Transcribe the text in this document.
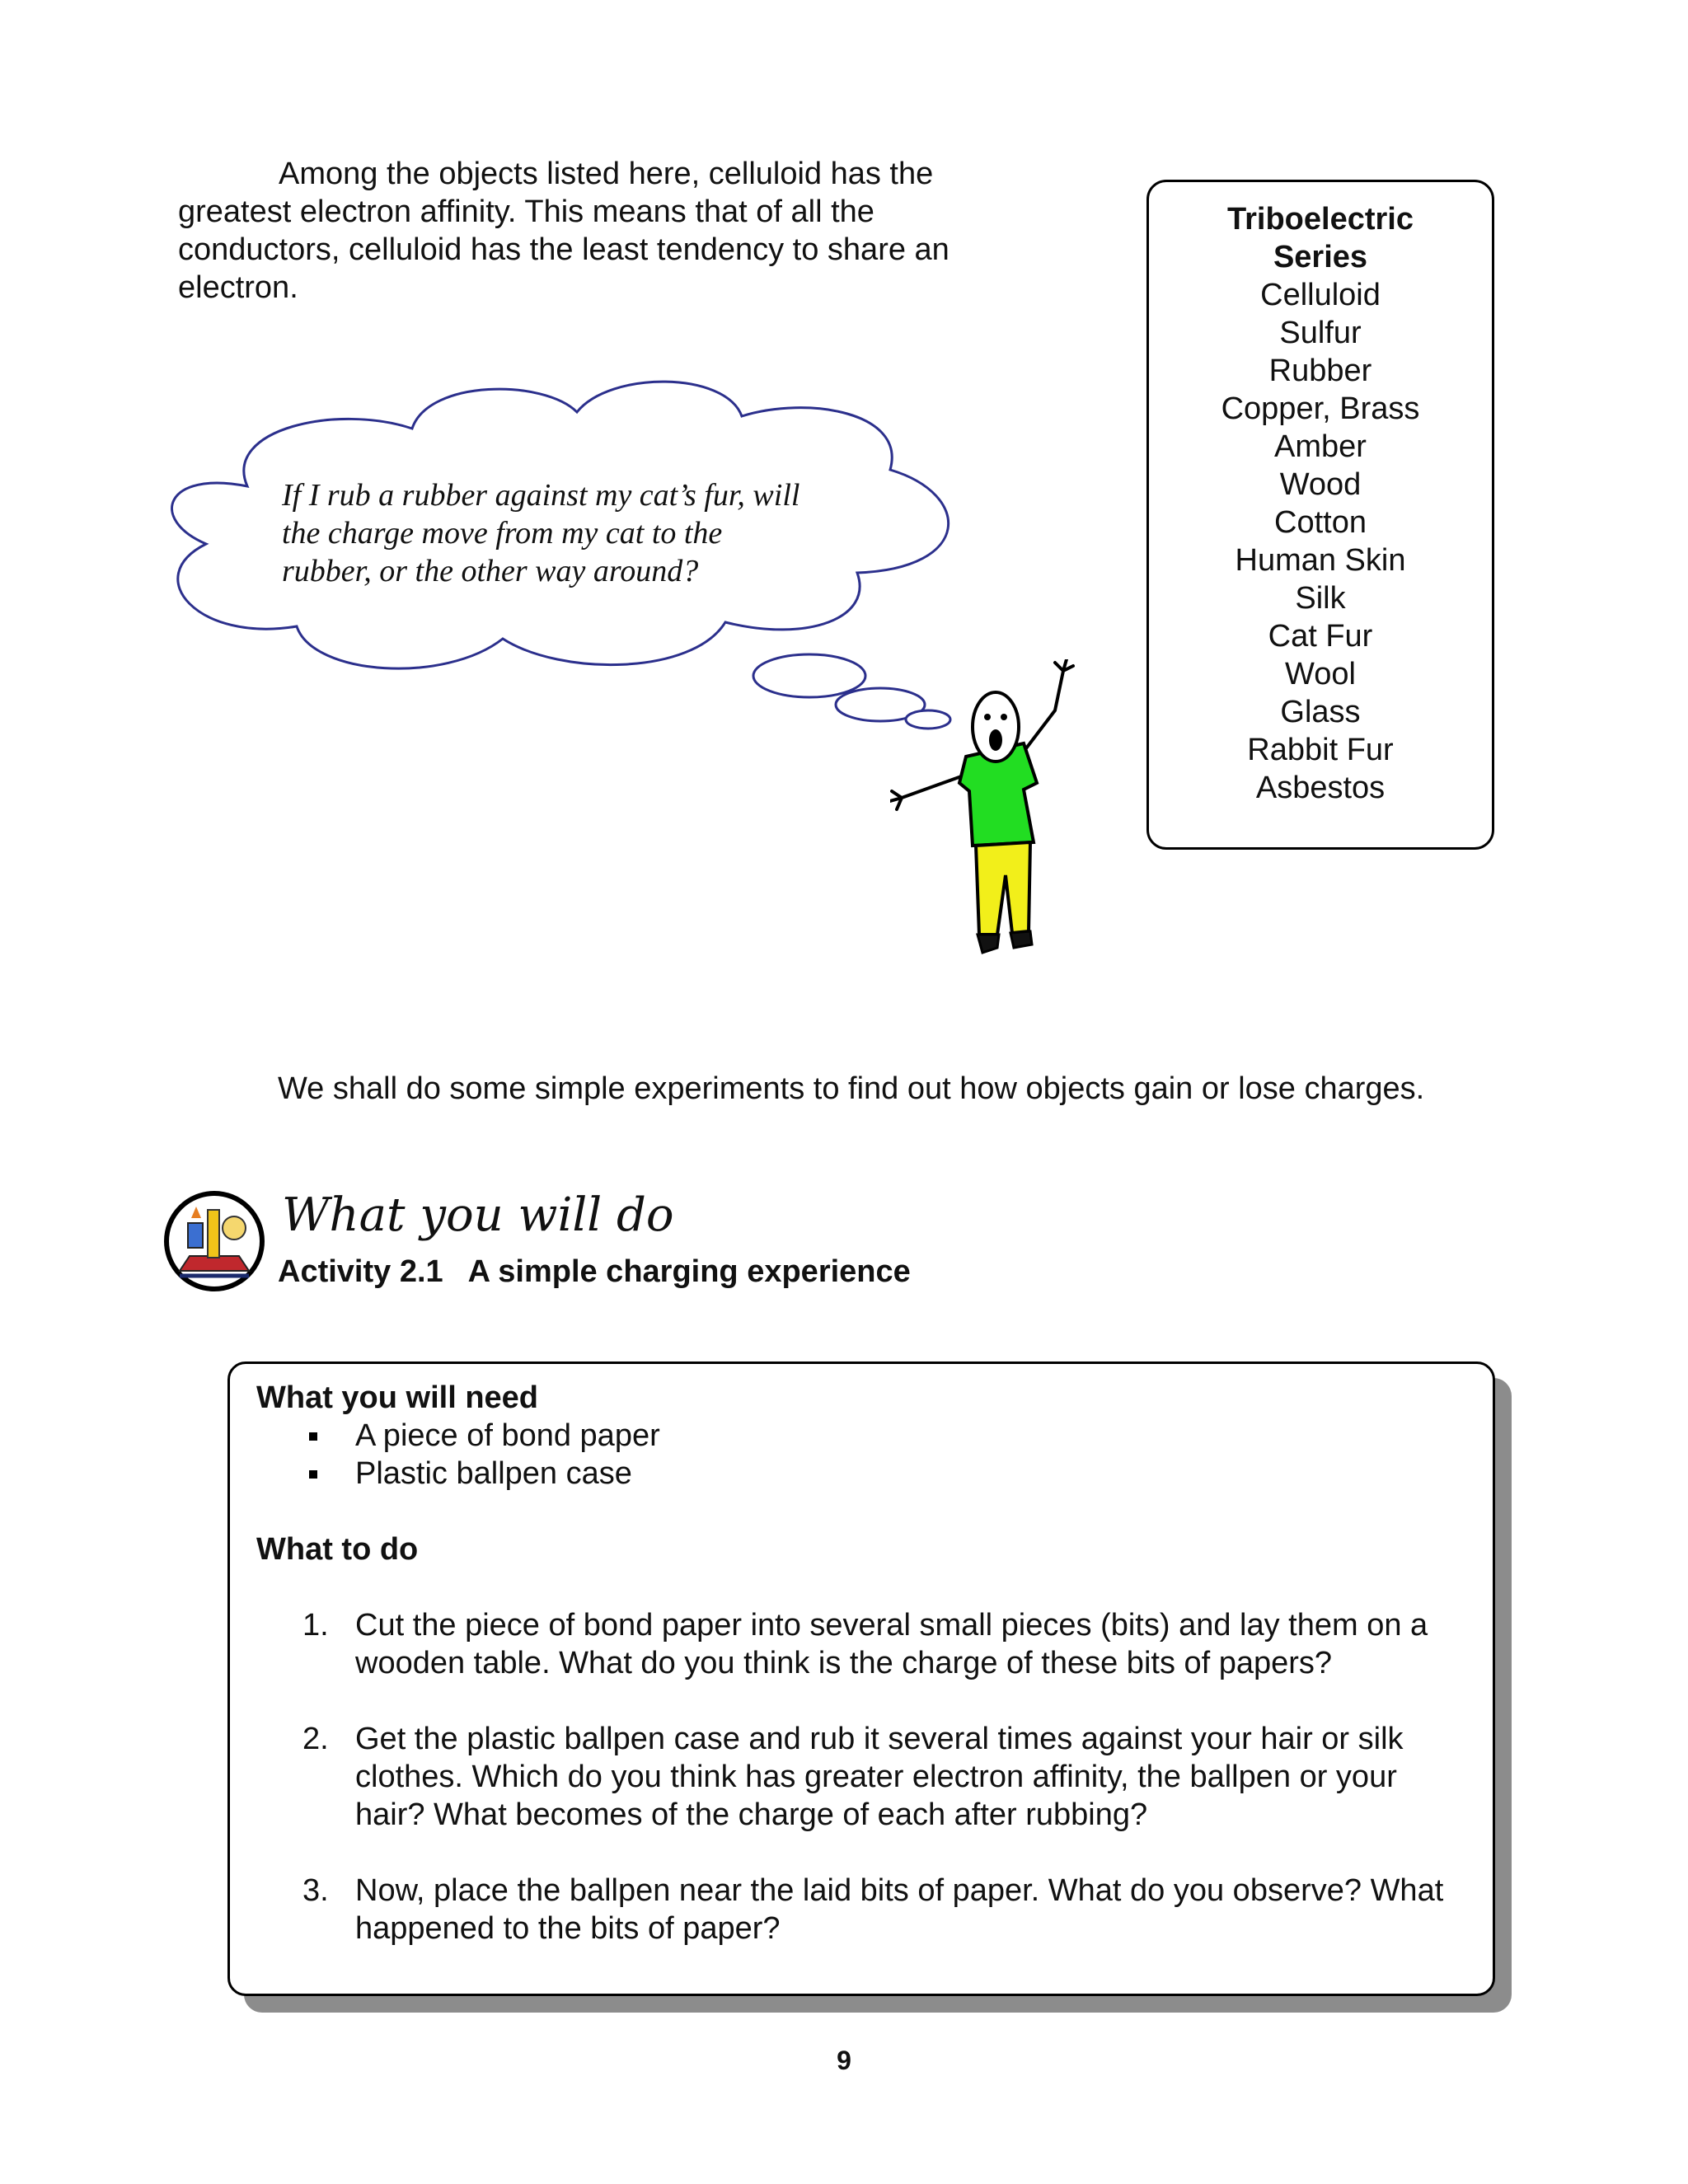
Among the objects listed here, celluloid has the greatest electron affinity. This means that of all the conductors, celluloid has the least tendency to share an electron.

Triboelectric Series

Celluloid
Sulfur
Rubber
Copper, Brass
Amber
Wood
Cotton
Human Skin
Silk
Cat Fur
Wool
Glass
Rabbit Fur
Asbestos

If I rub a rubber against my cat’s fur, will the charge move from my cat to the rubber, or the other way around?

We shall do some simple experiments to find out how objects gain or lose charges.

What you will do

Activity 2.1 A simple charging experience

What you will need

A piece of bond paper
Plastic ballpen case

What to do

1. Cut the piece of bond paper into several small pieces (bits) and lay them on a wooden table. What do you think is the charge of these bits of papers?
2. Get the plastic ballpen case and rub it several times against your hair or silk clothes. Which do you think has greater electron affinity, the ballpen or your hair? What becomes of the charge of each after rubbing?
3. Now, place the ballpen near the laid bits of paper. What do you observe? What happened to the bits of paper?

9
